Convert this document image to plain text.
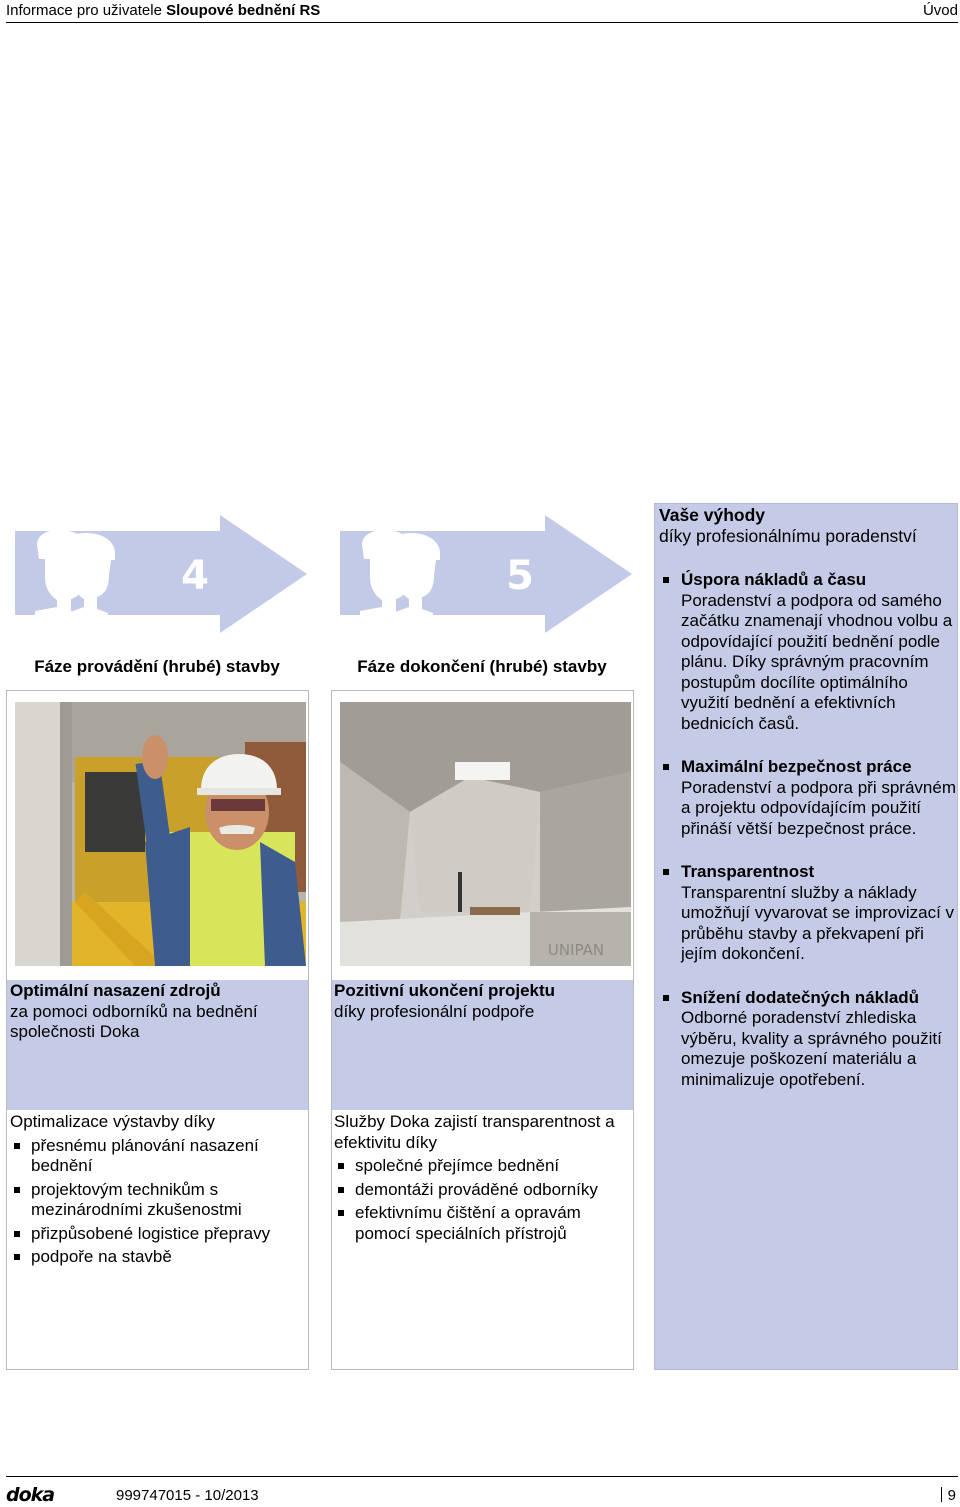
Informace pro uživatele Sloupové bednění RS	Úvod
4
Fáze provádění (hrubé) stavby
5
Fáze dokončení (hrubé) stavby
Optimální nasazení zdrojů
za pomoci odborníků na bednění společnosti Doka
Optimalizace výstavby díky
přesnému plánování nasazení bednění
projektovým technikům s mezinárodními zkušenostmi
přizpůsobené logistice přepravy
podpoře na stavbě
UNIPAN
Pozitivní ukončení projektu
díky profesionální podpoře
Služby Doka zajistí transparentnost a efektivitu díky
společné přejímce bednění
demontáži prováděné odborníky
efektivnímu čištění a opravám pomocí speciálních přístrojů
Vaše výhody
díky profesionálnímu poradenství
Úspora nákladů a času
Poradenství a podpora od samého začátku znamenají vhodnou volbu a odpovídající použití bednění podle plánu. Díky správným pracovním postupům docílíte optimálního využití bednění a efektivních bednicích časů.
Maximální bezpečnost práce
Poradenství a podpora při správném a projektu odpovídajícím použití přináší větší bezpečnost práce.
Transparentnost
Transparentní služby a náklady umožňují vyvarovat se improvizací v průběhu stavby a překvapení při jejím dokončení.
Snížení dodatečných nákladů
Odborné poradenství zhlediska výběru, kvality a správného použití omezuje poškození materiálu a minimalizuje opotřebení.
doka	999747015 - 10/2013	9
